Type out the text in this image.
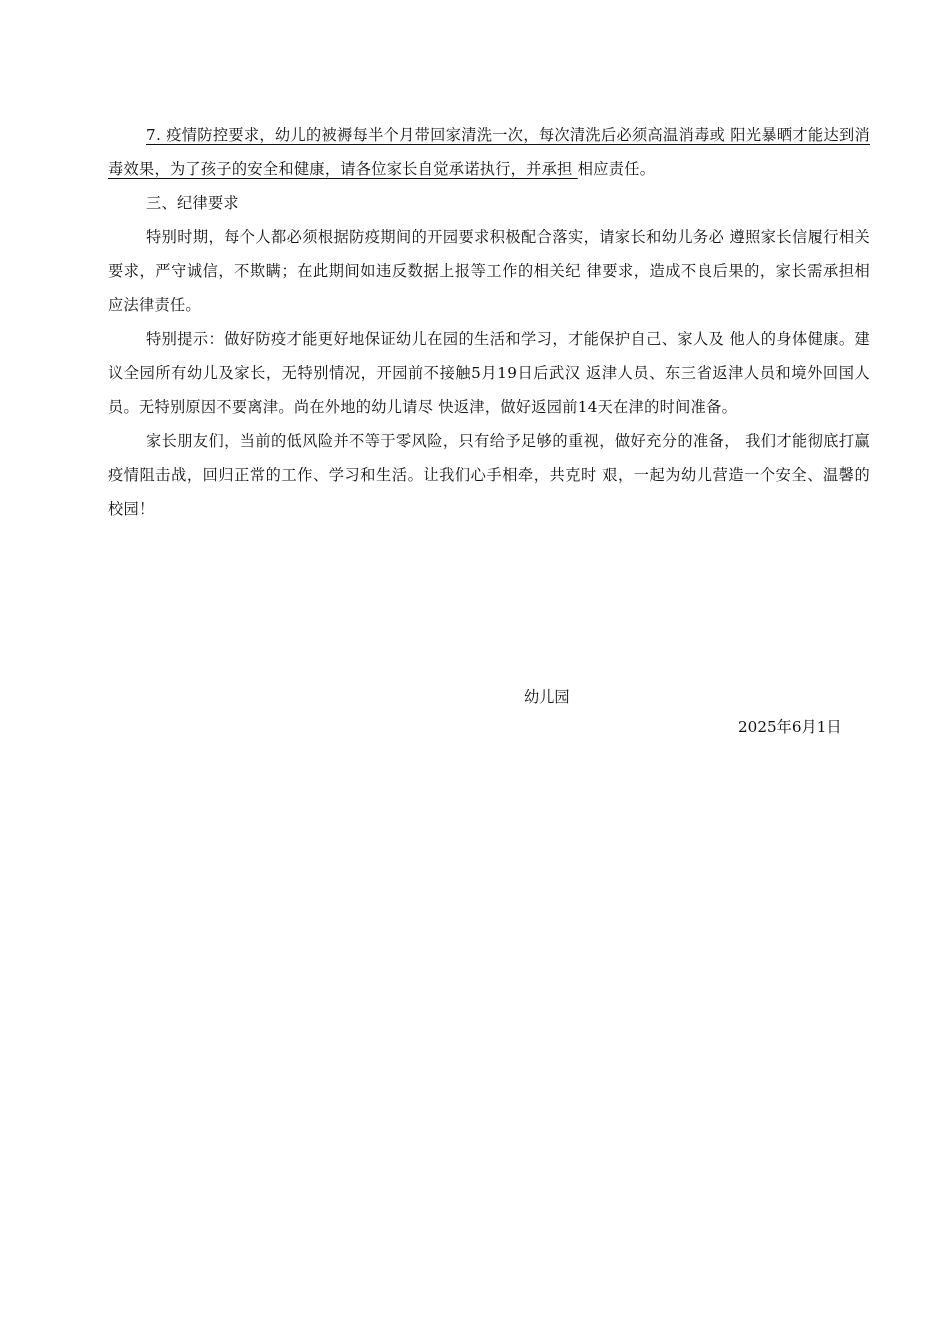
7. 疫情防控要求，幼儿的被褥每半个月带回家清洗一次，每次清洗后必须高温消毒或 阳光暴晒才能达到消毒效果，为了孩子的安全和健康，请各位家长自觉承诺执行，并承担 相应责任。

三、纪律要求

特别时期，每个人都必须根据防疫期间的开园要求积极配合落实，请家长和幼儿务必 遵照家长信履行相关要求，严守诚信，不欺瞒；在此期间如违反数据上报等工作的相关纪 律要求，造成不良后果的，家长需承担相应法律责任。

特别提示：做好防疫才能更好地保证幼儿在园的生活和学习，才能保护自己、家人及 他人的身体健康。建议全园所有幼儿及家长，无特别情况，开园前不接触5月19日后武汉 返津人员、东三省返津人员和境外回国人员。无特别原因不要离津。尚在外地的幼儿请尽 快返津，做好返园前14天在津的时间准备。

家长朋友们，当前的低风险并不等于零风险，只有给予足够的重视，做好充分的准备， 我们才能彻底打赢疫情阻击战，回归正常的工作、学习和生活。让我们心手相牵，共克时 艰，一起为幼儿营造一个安全、温馨的校园！

幼儿园

2025年6月1日
